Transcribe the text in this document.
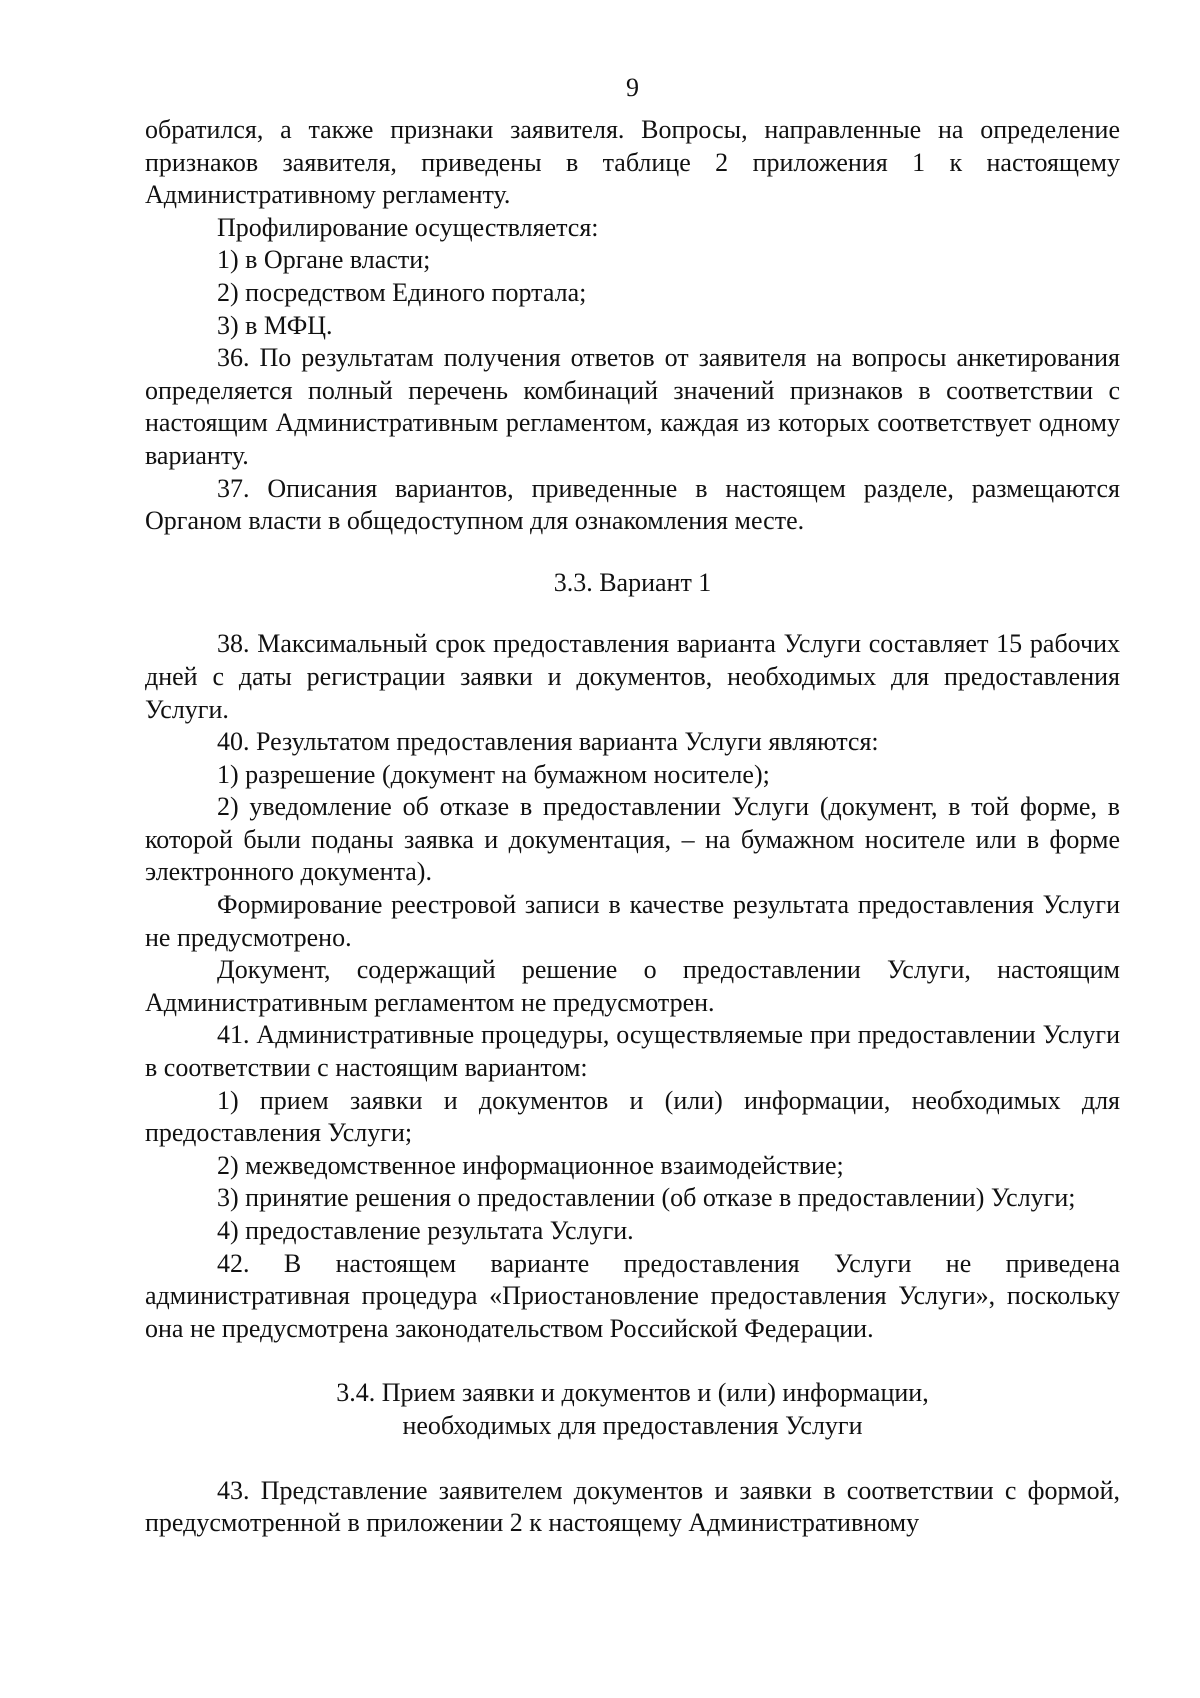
9

обратился, а также признаки заявителя. Вопросы, направленные на определение признаков заявителя, приведены в таблице 2 приложения 1 к настоящему Административному регламенту.

Профилирование осуществляется:

1) в Органе власти;

2) посредством Единого портала;

3) в МФЦ.

36. По результатам получения ответов от заявителя на вопросы анкетирования определяется полный перечень комбинаций значений признаков в соответствии с настоящим Административным регламентом, каждая из которых соответствует одному варианту.

37. Описания вариантов, приведенные в настоящем разделе, размещаются Органом власти в общедоступном для ознакомления месте.

3.3. Вариант 1

38. Максимальный срок предоставления варианта Услуги составляет 15 рабочих дней с даты регистрации заявки и документов, необходимых для предоставления Услуги.

40. Результатом предоставления варианта Услуги являются:

1) разрешение (документ на бумажном носителе);

2) уведомление об отказе в предоставлении Услуги (документ, в той форме, в которой были поданы заявка и документация, – на бумажном носителе или в форме электронного документа).

Формирование реестровой записи в качестве результата предоставления Услуги не предусмотрено.

Документ, содержащий решение о предоставлении Услуги, настоящим Административным регламентом не предусмотрен.

41. Административные процедуры, осуществляемые при предоставлении Услуги в соответствии с настоящим вариантом:

1) прием заявки и документов и (или) информации, необходимых для предоставления Услуги;

2) межведомственное информационное взаимодействие;

3) принятие решения о предоставлении (об отказе в предоставлении) Услуги;

4) предоставление результата Услуги.

42. В настоящем варианте предоставления Услуги не приведена административная процедура «Приостановление предоставления Услуги», поскольку она не предусмотрена законодательством Российской Федерации.

3.4. Прием заявки и документов и (или) информации,

необходимых для предоставления Услуги

43. Представление заявителем документов и заявки в соответствии с формой, предусмотренной в приложении 2 к настоящему Административному
